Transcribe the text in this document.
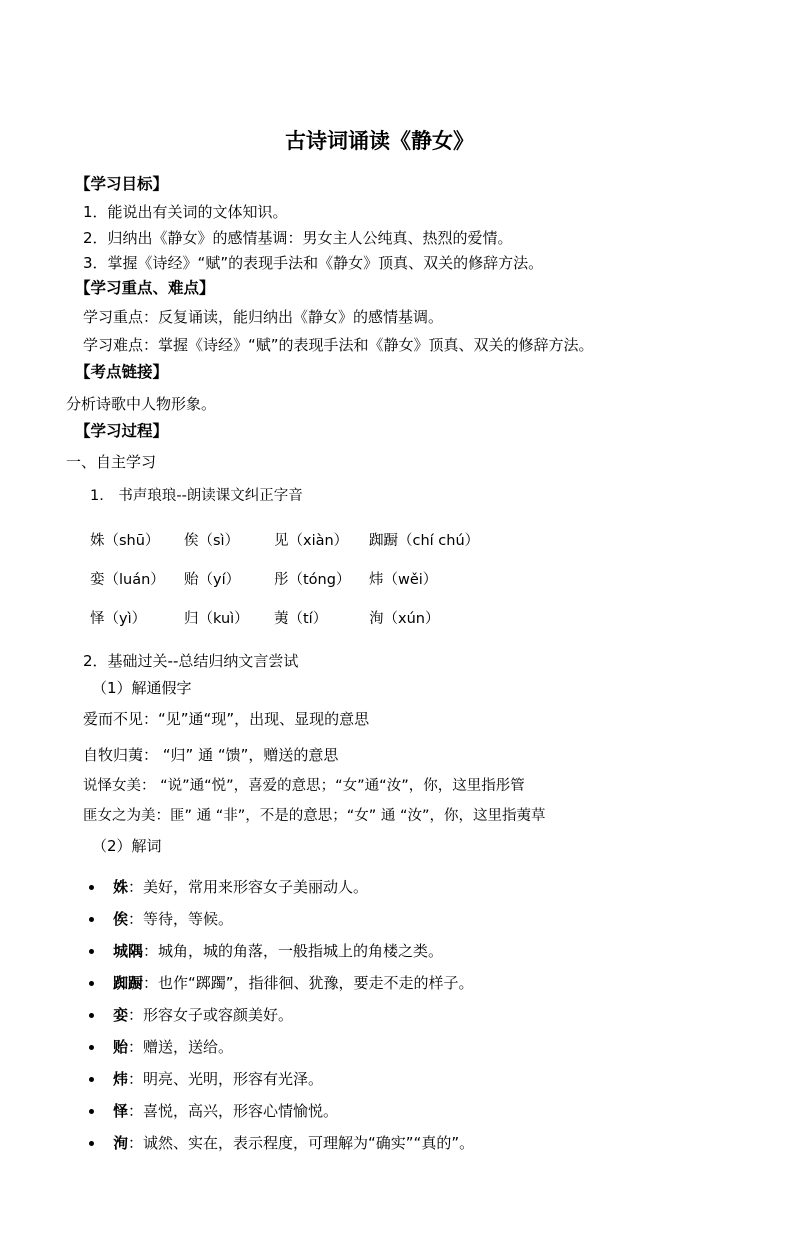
古诗词诵读《静女》
【学习目标】
1．能说出有关词的文体知识。
2．归纳出《静女》的感情基调：男女主人公纯真、热烈的爱情。
3．掌握《诗经》“赋”的表现手法和《静女》顶真、双关的修辞方法。
【学习重点、难点】
学习重点：反复诵读，能归纳出《静女》的感情基调。
学习难点：掌握《诗经》“赋”的表现手法和《静女》顶真、双关的修辞方法。
【考点链接】
分析诗歌中人物形象。
【学习过程】
一、自主学习
1.　书声琅琅--朗读课文纠正字音
姝（shū） 俟（sì） 见（xiàn） 踟蹰（chí chú）
娈（luán） 贻（yí） 彤（tóng） 炜（wěi）
怿（yì）	归（kuì） 荑（tí）	洵（xún）
2．基础过关--总结归纳文言尝试
（1）解通假字
爱而不见：“见”通“现”，出现、显现的意思
自牧归荑： “归” 通 “馈”，赠送的意思
说怿女美： “说”通“悦”，喜爱的意思；“女”通“汝”，你，这里指彤管
匪女之为美：匪” 通 “非”，不是的意思；“女” 通 “汝”，你，这里指荑草
（2）解词
姝：美好，常用来形容女子美丽动人。
俟：等待，等候。
城隅：城角，城的角落，一般指城上的角楼之类。
踟蹰：也作“踯躅”，指徘徊、犹豫，要走不走的样子。
娈：形容女子或容颜美好。
贻：赠送，送给。
炜：明亮、光明，形容有光泽。
怿：喜悦，高兴，形容心情愉悦。
洵：诚然、实在，表示程度，可理解为“确实”“真的”。
